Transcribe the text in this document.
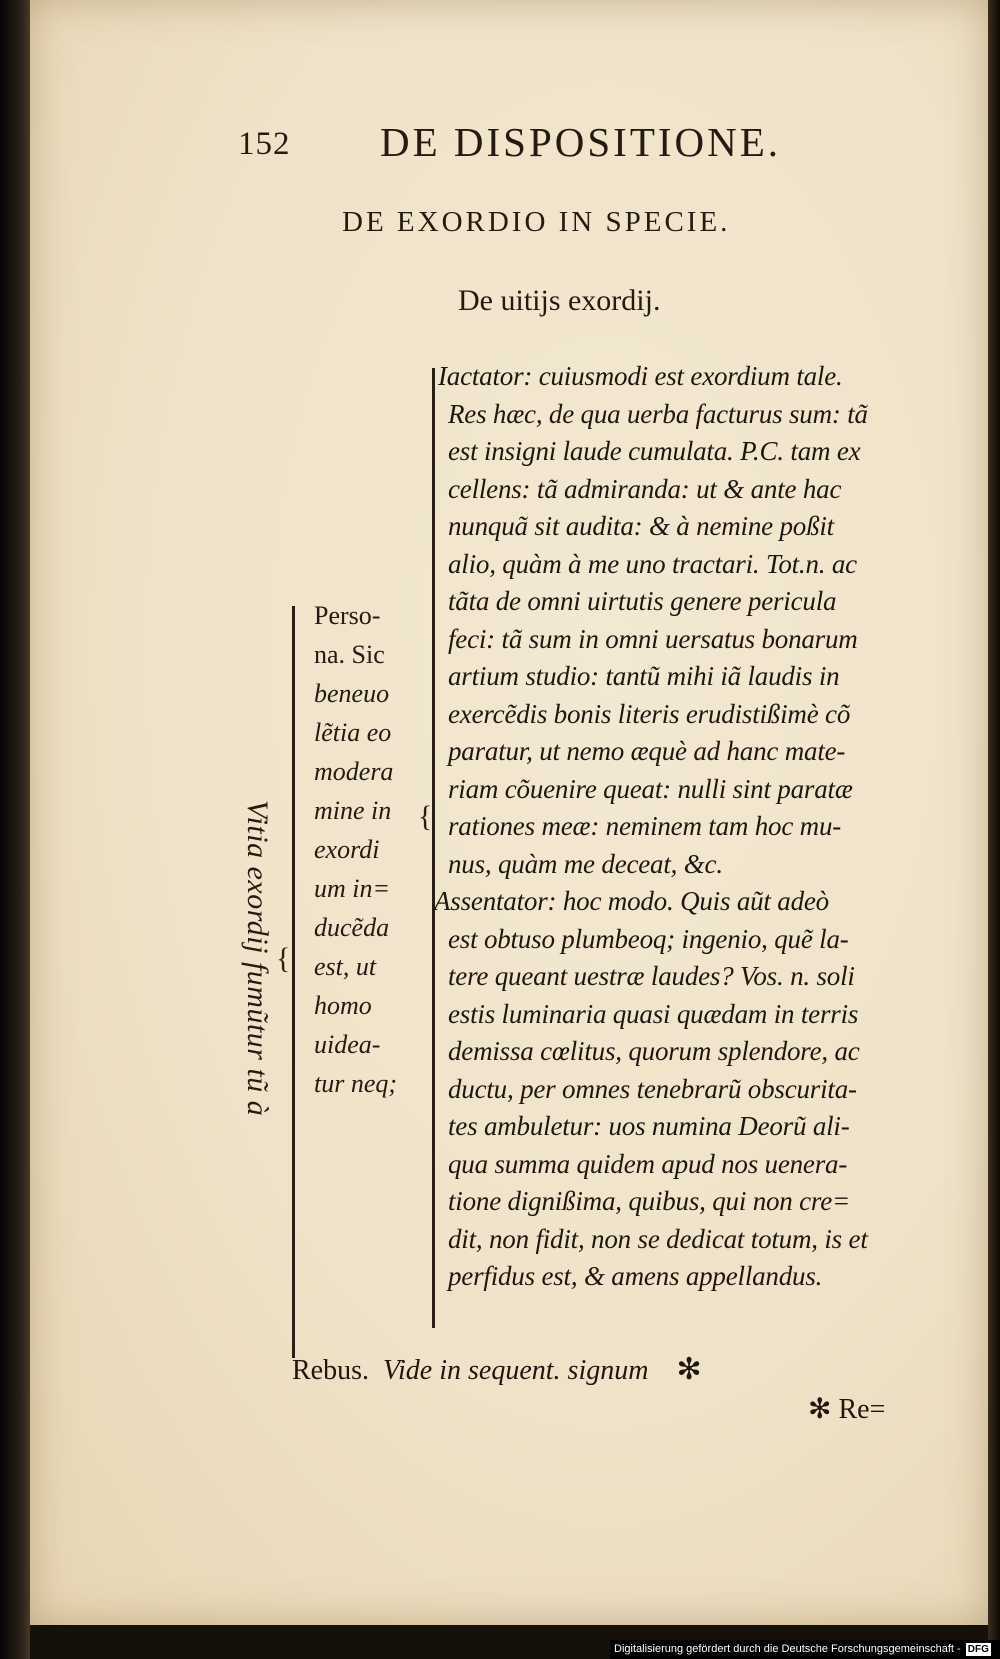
152 DE DISPOSITIONE.
DE EXORDIO IN SPECIE.
De uitijs exordij.
Vitia exordij fumũtur tũ à {
Perso‑
na. Sic
beneuo
lẽtia eo
modera
mine in
exordi
um in=
ducẽda
est, ut
homo
uidea‑
tur neq;
{
Iactator: cuiusmodi est exordium tale.
Res hæc, de qua uerba facturus sum: tã
est insigni laude cumulata. P.C. tam ex
cellens: tã admiranda: ut & ante hac
nunquã sit audita: & à nemine poßit
alio, quàm à me uno tractari. Tot.n. ac
tãta de omni uirtutis genere pericula
feci: tã sum in omni uersatus bonarum
artium studio: tantũ mihi iã laudis in
exercẽdis bonis literis erudistißimè cõ
paratur, ut nemo æquè ad hanc mate-
riam cõuenire queat: nulli sint paratæ
rationes meæ: neminem tam hoc mu-
nus, quàm me deceat, &c.
Assentator: hoc modo. Quis aũt adeò
est obtuso plumbeoq; ingenio, quẽ la-
tere queant uestræ laudes? Vos. n. soli
estis luminaria quasi quædam in terris
demissa cœlitus, quorum splendore, ac
ductu, per omnes tenebrarũ obscurita-
tes ambuletur: uos numina Deorũ ali-
qua summa quidem apud nos uenera-
tione dignißima, quibus, qui non cre=
dit, non fidit, non se dedicat totum, is et
perfidus est, & amens appellandus.
Rebus. Vide in sequent. signum ✻
✻ Re=
Digitalisierung gefördert durch die Deutsche Forschungsgemeinschaft - DFG
